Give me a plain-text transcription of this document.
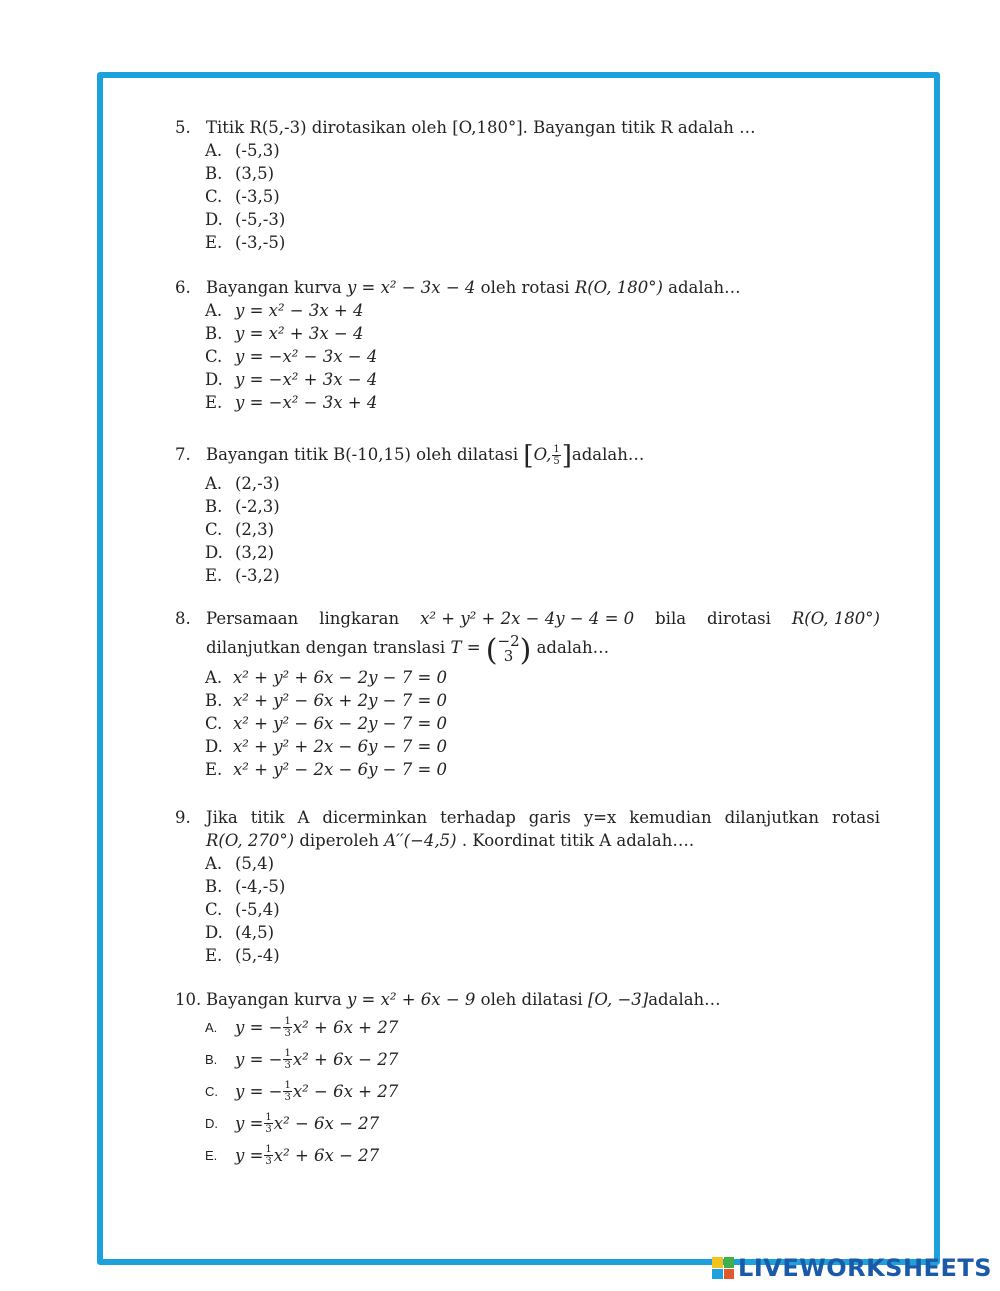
5. Titik R(5,-3) dirotasikan oleh [O,180°]. Bayangan titik R adalah …
A. (-5,3)
B. (3,5)
C. (-3,5)
D. (-5,-3)
E. (-3,-5)
6. Bayangan kurva y = x² − 3x − 4 oleh rotasi R(O, 180°) adalah…
A. y = x² − 3x + 4
B. y = x² + 3x − 4
C. y = −x² − 3x − 4
D. y = −x² + 3x − 4
E. y = −x² − 3x + 4
7. Bayangan titik B(-10,15) oleh dilatasi [O, $\frac{1}{5}$ ]adalah…
A. (2,-3)
B. (-2,3)
C. (2,3)
D. (3,2)
E. (-3,2)
8. Persamaan lingkaran x² + y² + 2x − 4y − 4 = 0 bila dirotasi R(O, 180°)
dilanjutkan dengan translasi T = ( −2
3 ) adalah…
A. x² + y² + 6x − 2y − 7 = 0
B. x² + y² − 6x + 2y − 7 = 0
C. x² + y² − 6x − 2y − 7 = 0
D. x² + y² + 2x − 6y − 7 = 0
E. x² + y² − 2x − 6y − 7 = 0
9. Jika titik A dicerminkan terhadap garis y=x kemudian dilanjutkan rotasi
R(O, 270°) diperoleh A′′(−4,5) . Koordinat titik A adalah….
A. (5,4)
B. (-4,-5)
C. (-5,4)
D. (4,5)
E. (5,-4)
10. Bayangan kurva y = x² + 6x − 9 oleh dilatasi [O, −3]adalah…
A.	y = − $\frac{1}{3} x^2 + 6x + 27$
B.	y = − $\frac{1}{3} x^2 + 6x - 27$
C.	y = − $\frac{1}{3} x^2 - 6x + 27$
D.	$y = \frac{1}{3} x^2 - 6x - 27$
E.	$y = \frac{1}{3} x^2 + 6x - 27$
LIVEWORKSHEETS
